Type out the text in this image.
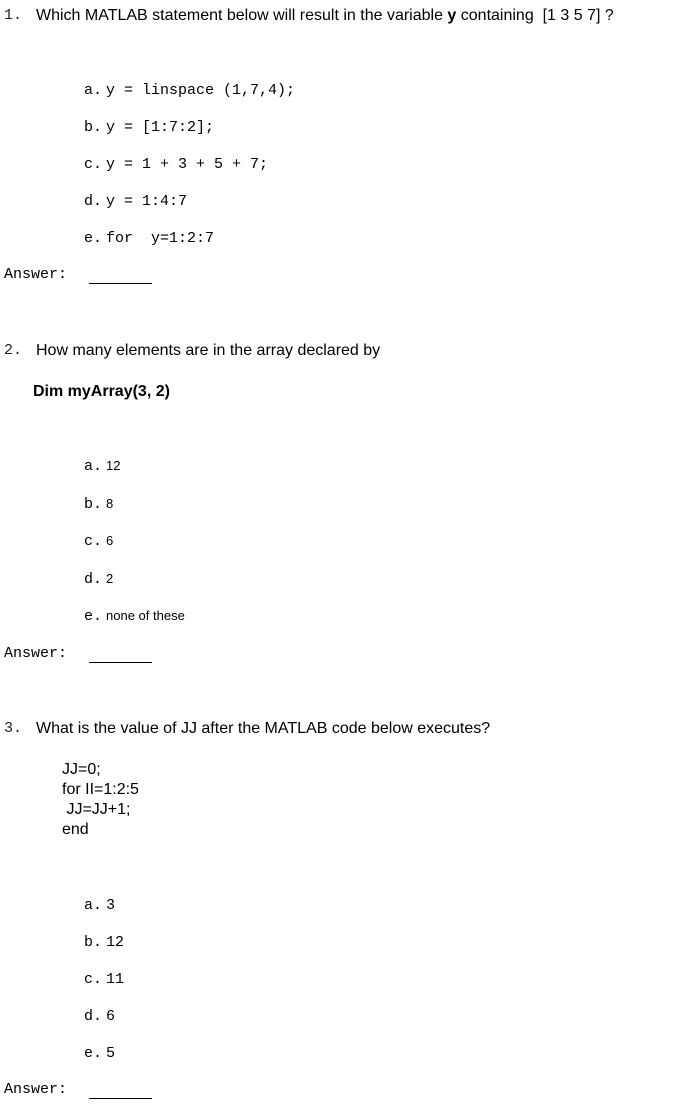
1. Which MATLAB statement below will result in the variable y containing  [1 3 5 7] ?

a. y = linspace (1,7,4);

b. y = [1:7:2];

c. y = 1 + 3 + 5 + 7;

d. y = 1:4:7

e. for  y=1:2:7

Answer:
2. How many elements are in the array declared by
Dim myArray(3, 2)

a. 12

b. 8

c. 6

d. 2

e. none of these

Answer:
3. What is the value of JJ after the MATLAB code below executes?
JJ=0;
for II=1:2:5
JJ=JJ+1;
end

a. 3

b. 12

c. 11

d. 6

e. 5

Answer:
